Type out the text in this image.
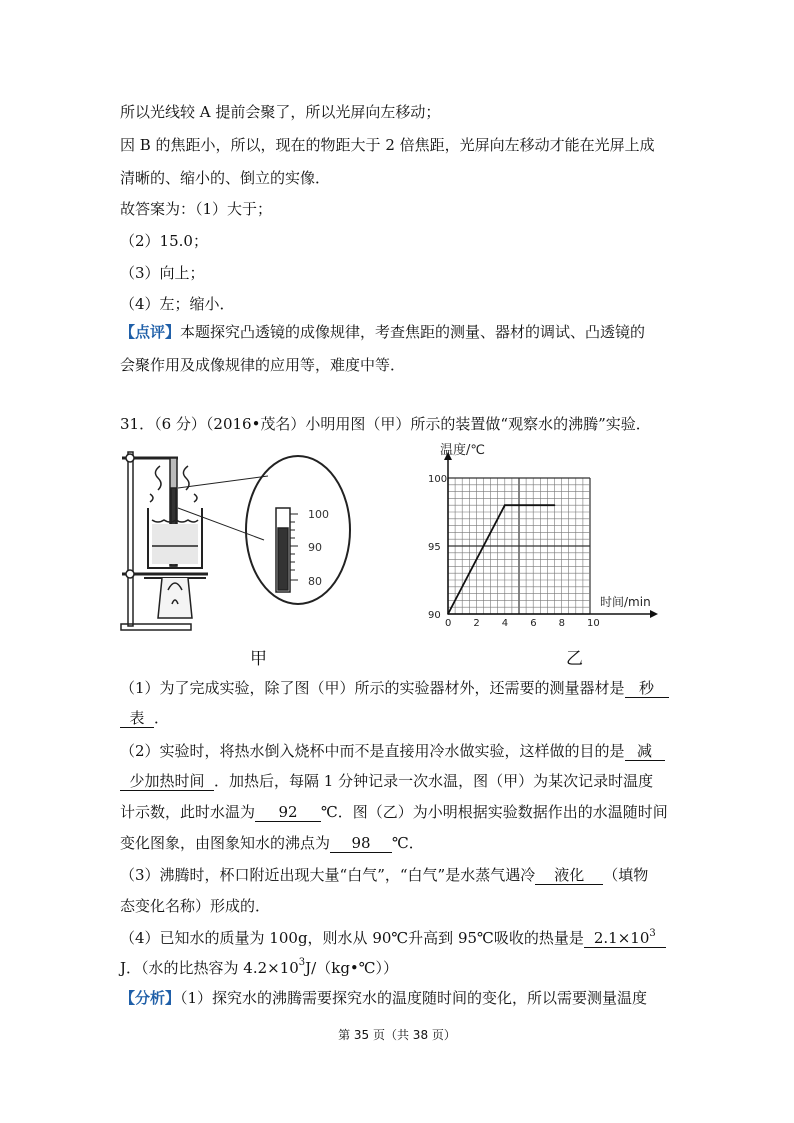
所以光线较 A 提前会聚了，所以光屏向左移动；
因 B 的焦距小，所以，现在的物距大于 2 倍焦距，光屏向左移动才能在光屏上成
清晰的、缩小的、倒立的实像．
故答案为：（1）大于；
（2）15.0；
（3）向上；
（4）左；缩小．
【点评】本题探究凸透镜的成像规律，考查焦距的测量、器材的调试、凸透镜的
会聚作用及成像规律的应用等，难度中等．
31．（6 分）（2016•茂名）小明用图（甲）所示的装置做“观察水的沸腾”实验．
100
90
80
甲
0 2 4 6 8 10
90
95
100
温度/℃
时间/min
乙
（1）为了完成实验，除了图（甲）所示的实验器材外，还需要的测量器材是 秒
表 ．
（2）实验时，将热水倒入烧杯中而不是直接用冷水做实验，这样做的目的是 减
少加热时间 ．加热后，每隔 1 分钟记录一次水温，图（甲）为某次记录时温度
计示数，此时水温为 92 ℃．图（乙）为小明根据实验数据作出的水温随时间
变化图象，由图象知水的沸点为 98 ℃．
（3）沸腾时，杯口附近出现大量“白气”，“白气”是水蒸气遇冷 液化 （填物
态变化名称）形成的．
（4）已知水的质量为 100g，则水从 90℃升高到 95℃吸收的热量是 $2.1\times 10^3$
J．（水的比热容为 $4.2\times 10^3J/(kg•℃)$）
【分析】（1）探究水的沸腾需要探究水的温度随时间的变化，所以需要测量温度
第 35 页（共 38 页）
